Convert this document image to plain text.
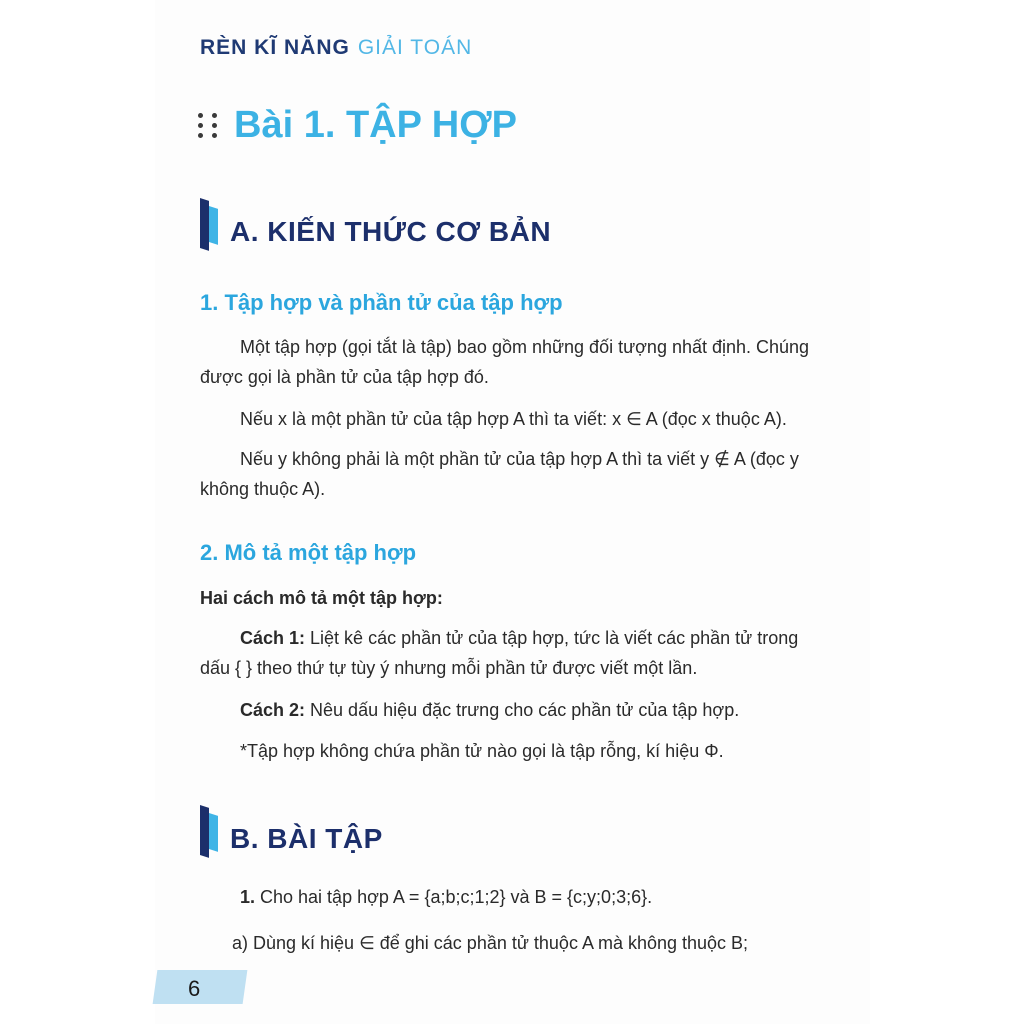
RÈN KĨ NĂNG GIẢI TOÁN
Bài 1. TẬP HỢP
A. KIẾN THỨC CƠ BẢN
1. Tập hợp và phần tử của tập hợp

Một tập hợp (gọi tắt là tập) bao gồm những đối tượng nhất định. Chúng được gọi là phần tử của tập hợp đó.

Nếu x là một phần tử của tập hợp A thì ta viết: x ∈ A (đọc x thuộc A).

Nếu y không phải là một phần tử của tập hợp A thì ta viết y ∉ A (đọc y không thuộc A).

2. Mô tả một tập hợp

Hai cách mô tả một tập hợp:

Cách 1: Liệt kê các phần tử của tập hợp, tức là viết các phần tử trong dấu { } theo thứ tự tùy ý nhưng mỗi phần tử được viết một lần.

Cách 2: Nêu dấu hiệu đặc trưng cho các phần tử của tập hợp.

*Tập hợp không chứa phần tử nào gọi là tập rỗng, kí hiệu Φ.

B. BÀI TẬP

1. Cho hai tập hợp A = {a;b;c;1;2} và B = {c;y;0;3;6}.

a) Dùng kí hiệu ∈ để ghi các phần tử thuộc A mà không thuộc B;

6
